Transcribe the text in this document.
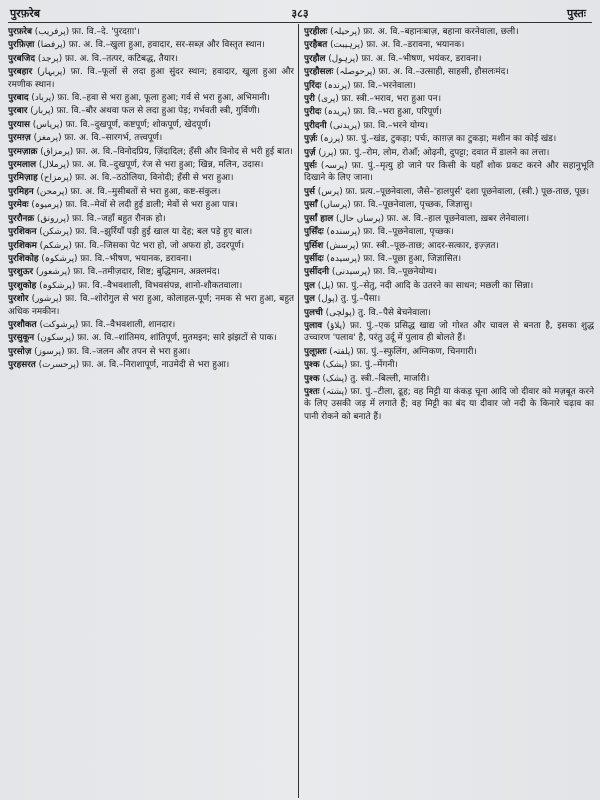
पुरफ़रेब	३८३	पुस्तः

पुरफ़रेब (پرفریب) फ़ा. वि.–दे. 'पुरदग़ा'।

पुरफ़िज़ा (پرفضا) फ़ा. अ. वि.–खुला हुआ, हवादार, सर-सब्ज़ और विस्तृत स्थान।

पुरबजिद (پرجد) फ़ा. अ. वि.–तत्पर, कटिबद्ध, तैयार।

पुरबहार (پربہار) फ़ा. वि.–फूलों से लदा हुआ सुंदर स्थान; हवादार, खुला हुआ और रमणीक स्थान।

पुरबाद (پرباد) फ़ा. वि.–हवा से भरा हुआ, फूला हुआ; गर्व से भरा हुआ, अभिमानी।

पुरबार (پربار) फ़ा. वि.–बौर अथवा फल से लदा हुआ पेड़; गर्भवती स्त्री, गुर्विणी।

पुरयास (پریاس) फ़ा. वि.–दुखपूर्ण, कष्टपूर्ण; शोकपूर्ण, खेदपूर्ण।

पुरमग़्ज़ (پرمغز) फ़ा. अ. वि.–सारगर्भ, तत्त्वपूर्ण।

पुरमज़ाक़ (پرمزاق) फ़ा. अ. वि.–विनोदप्रिय, ज़िंदादिल; हँसी और विनोद से भरी हुई बात।

पुरमलाल (پرملال) फ़ा. अ. वि.–दुखपूर्ण, रंज से भरा हुआ; खिन्न, मलिन, उदास।

पुरमिज़ाह (پرمزاح) फ़ा. अ. वि.–ठठोलिया, विनोदी; हँसी से भरा हुआ।

पुरमिहन (پرمحن) फ़ा. अ. वि.–मुसीबतों से भरा हुआ, कष्ट-संकुल।

पुरमेवः (پرمیوہ) फ़ा. वि.–मेवों से लदी हुई डाली; मेवों से भरा हुआ पात्र।

पुररौनक़ (پررونق) फ़ा. वि.–जहाँ बहुत रौनक़ हो।

पुरशिकन (پرشکن) फ़ा. वि.–झुर्रियाँ पड़ी हुई खाल या देह; बल पड़े हुए बाल।

पुरशिकम (پرشکم) फ़ा. वि.–जिसका पेट भरा हो, जो अफरा हो, उदरपूर्ण।

पुरशिकोह (پرشکوہ) फ़ा. वि.–भीषण, भयानक, डरावना।

पुरशुऊर (پرشعور) फ़ा. वि.–तमीज़दार, शिष्ट; बुद्धिमान, अक़्लमंद।

पुरशुकोह (پرشکوہ) फ़ा. वि.–वैभवशाली, विभवसंपन्न, शानो-शौकतवाला।

पुरशोर (پرشور) फ़ा. वि.–शोरोगुल से भरा हुआ, कोलाहल-पूर्ण; नमक से भरा हुआ, बहुत अधिक नमकीन।

पुरशौकत (پرشوکت) फ़ा. वि.–वैभवशाली, शानदार।

पुरसुकून (پرسکون) फ़ा. अ. वि.–शांतिमय, शांतिपूर्ण, मुतमइन; सारे झंझटों से पाक।

पुरसोज़ (پرسوز) फ़ा. वि.–जलन और तपन से भरा हुआ।

पुरहसरत (پرحسرت) फ़ा. अ. वि.–निराशापूर्ण, नाउमेदी से भरा हुआ।

पुरहीलः (پرحیلہ) फ़ा. अ. वि.–बहानःबाज़, बहाना करनेवाला, छली।

पुरहैबत (پرہیبت) फ़ा. अ. वि.–डरावना, भयानक।

पुरहौल (پرہول) फ़ा. अ. वि.–भीषण, भयंकर, डरावना।

पुरहौसलः (پرحوصلہ) फ़ा. अ. वि.–उत्साही, साहसी, हौसलःमंद।

पुरिंदः (پرندہ) फ़ा. वि.–भरनेवाला।

पुरी (پری) फ़ा. स्त्री.–भराव, भरा हुआ पन।

पुरीदः (پریدہ) फ़ा. वि.–भरा हुआ, परिपूर्ण।

पुरीदनी (پریدنی) फ़ा. वि.–भरने योग्य।

पुर्ज़ः (پرزہ) फ़ा. पुं.–खंड, टुकड़ा; पर्चः, काग़ज़ का टुकड़ा; मशीन का कोई खंड।

पुर्ज़ (پرز) फ़ा. पुं.–रोम, लोम, रोआँ; ओढ़नी, दुपट्टा; दवात में डालने का लत्ता।

पुर्सः (پرسہ) फ़ा. पुं.–मृत्यु हो जाने पर किसी के यहाँ शोक प्रकट करने और सहानुभूति दिखाने के लिए जाना।

पुर्स (پرس) फ़ा. प्रत्य.–पूछनेवाला, जैसे–'हालपुर्स' दशा पूछनेवाला, (स्त्री.) पूछ-ताछ, पूछ।

पुर्साँ (پرساں) फ़ा. वि.–पूछनेवाला, पृच्छक, जिज्ञासु।

पुर्सांं हाल (پرساں حال) फ़ा. अ. वि.–हाल पूछनेवाला, ख़बर लेनेवाला।

पुर्सिंदः (پرسندہ) फ़ा. वि.–पूछनेवाला, पृच्छक।

पुर्सिश (پرسش) फ़ा. स्त्री.–पूछ-ताछ; आदर-सत्कार, इज़्ज़त।

पुर्सीदः (پرسیدہ) फ़ा. वि.–पूछा हुआ, जिज्ञासित।

पुर्सीदनी (پرسیدنی) फ़ा. वि.–पूछनेयोग्य।

पुल (پل) फ़ा. पुं.–सेतु, नदी आदि के उतरने का साधन; मछली का सिन्ना।

पुल (پول) तु. पुं.–पैसा।

पुलची (پولچی) तु. वि.–पैसे बेचनेवाला।

पुलाव (پلاؤ) फ़ा. पुं.–एक प्रसिद्ध खाद्य जो गोश्त और चावल से बनता है, इसका शुद्ध उच्चारण 'पलाव' है, परंतु उर्दू में पुलाव ही बोलते हैं।

पुलूफ़्तः (پلفتہ) फ़ा. पुं.–स्फुलिंग, अग्निकण, चिनगारी।

पुश्क (پشک) फ़ा. पुं.–मेंगनी।

पुश्क (پشک) तु. स्त्री.–बिल्ली, मार्जारी।

पुश्तः (پشتہ) फ़ा. पुं.–टीला, ढूह; वह मिट्टी या कंकड़ चूना आदि जो दीवार को मज़बूत करने के लिए उसकी जड़ में लगाते हैं; वह मिट्टी का बंद या दीवार जो नदी के किनारे चढ़ाव का पानी रोकने को बनाते हैं।
